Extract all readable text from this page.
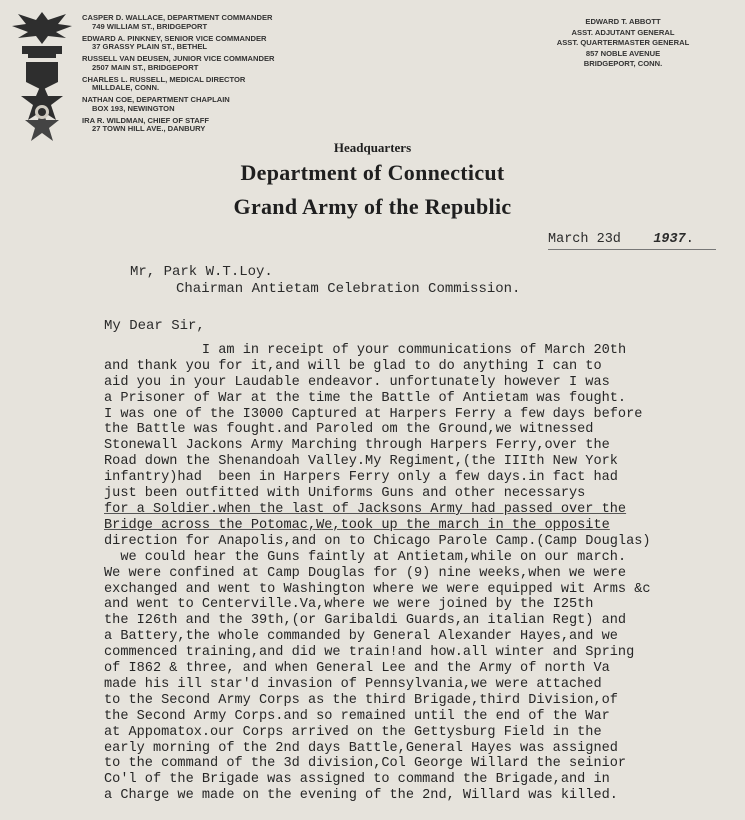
CASPER D. WALLACE, DEPARTMENT COMMANDER
749 WILLIAM ST., BRIDGEPORT
EDWARD A. PINKNEY, SENIOR VICE COMMANDER
37 GRASSY PLAIN ST., BETHEL
RUSSELL VAN DEUSEN, JUNIOR VICE COMMANDER
2507 MAIN ST., BRIDGEPORT
CHARLES L. RUSSELL, MEDICAL DIRECTOR
MILLDALE, CONN.
NATHAN COE, DEPARTMENT CHAPLAIN
BOX 193, NEWINGTON
IRA R. WILDMAN, CHIEF OF STAFF
27 TOWN HILL AVE., DANBURY
EDWARD T. ABBOTT
ASST. ADJUTANT GENERAL
ASST. QUARTERMASTER GENERAL
857 NOBLE AVENUE
BRIDGEPORT, CONN.
Headquarters
Department of Connecticut
Grand Army of the Republic
March 23d 1937.
Mr, Park W.T.Loy.
Chairman Antietam Celebration Commission.
My Dear Sir,

I am in receipt of your communications of March 20th
and thank you for it,and will be glad to do anything I can to
aid you in your Laudable endeavor. unfortunately however I was
a Prisoner of War at the time the Battle of Antietam was fought.
I was one of the I3000 Captured at Harpers Ferry a few days before
the Battle was fought.and Paroled om the Ground,we witnessed
Stonewall Jackons Army Marching through Harpers Ferry,over the
Road down the Shenandoah Valley.My Regiment,(the IIIth New York
infantry)had  been in Harpers Ferry only a few days.in fact had
just been outfitted with Uniforms Guns and other necessarys
for a Soldier.when the last of Jacksons Army had passed over the
Bridge across the Potomac,We,took up the march in the opposite
direction for Anapolis,and on to Chicago Parole Camp.(Camp Douglas)
we could hear the Guns faintly at Antietam,while on our march.
We were confined at Camp Douglas for (9) nine weeks,when we were
exchanged and went to Washington where we were equipped wit Arms &c
and went to Centerville.Va,where we were joined by the I25th
the I26th and the 39th,(or Garibaldi Guards,an italian Regt) and
a Battery,the whole commanded by General Alexander Hayes,and we
commenced training,and did we train!and how.all winter and Spring
of I862 & three, and when General Lee and the Army of north Va
made his ill star'd invasion of Pennsylvania,we were attached
to the Second Army Corps as the third Brigade,third Division,of
the Second Army Corps.and so remained until the end of the War
at Appomatox.our Corps arrived on the Gettysburg Field in the
early morning of the 2nd days Battle,General Hayes was assigned
to the command of the 3d division,Col George Willard the seinior
Co'l of the Brigade was assigned to command the Brigade,and in
a Charge we made on the evening of the 2nd, Willard was killed.
